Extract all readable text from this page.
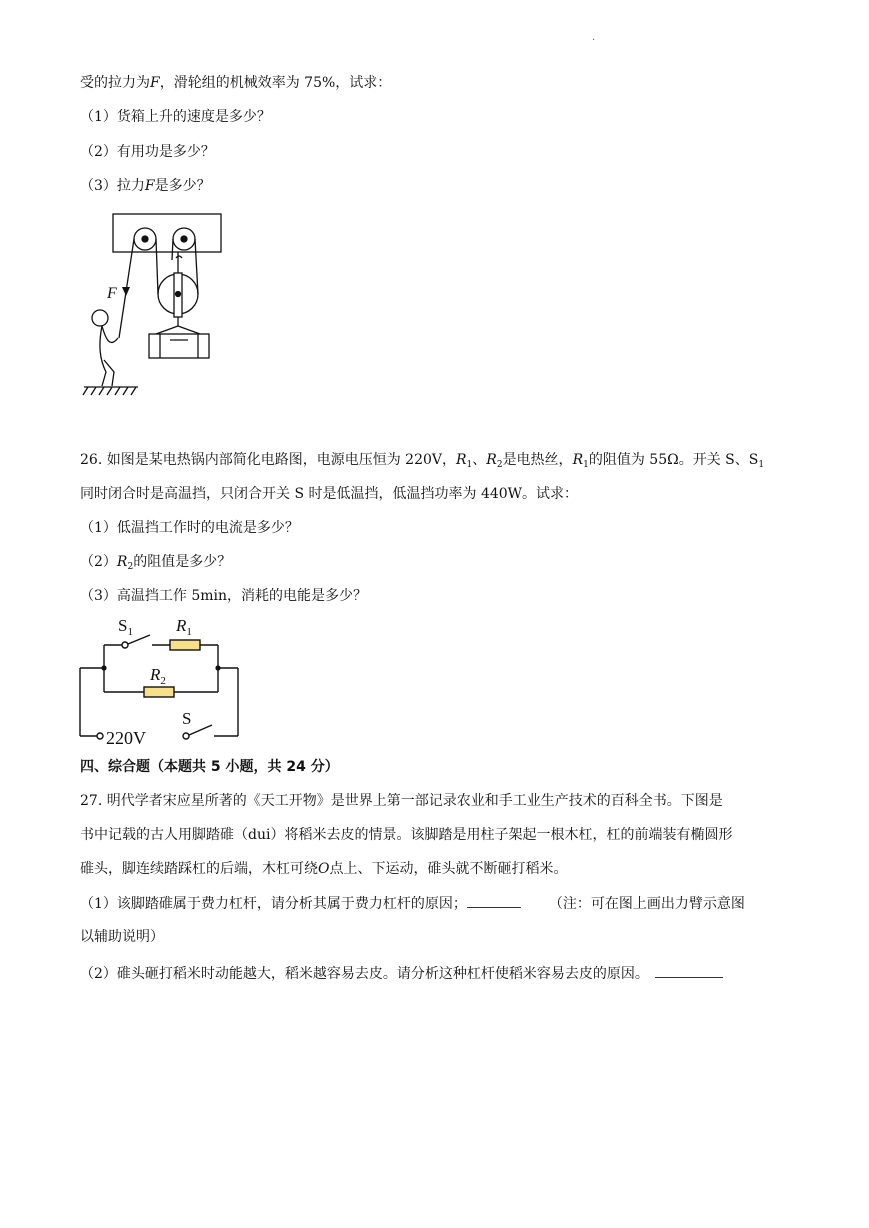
.
受的拉力为F，滑轮组的机械效率为 75%，试求：
（1）货箱上升的速度是多少？
（2）有用功是多少？
（3）拉力F是多少？
F
26. 如图是某电热锅内部简化电路图，电源电压恒为 220V，$R_1$、$R_2$是电热丝，$R_1$的阻值为 55Ω。开关 S、$S_1$
同时闭合时是高温挡，只闭合开关 S 时是低温挡，低温挡功率为 440W。试求：
（1）低温挡工作时的电流是多少？
$(2)R_2$的阻值是多少？
（3）高温挡工作 5min，消耗的电能是多少？
$S_1$	$R_1$
$R_2$
S
220V
四、综合题（本题共 5 小题，共 24 分）
27. 明代学者宋应星所著的《天工开物》是世界上第一部记录农业和手工业生产技术的百科全书。下图是
书中记载的古人用脚踏碓（dui）将稻米去皮的情景。该脚踏是用柱子架起一根木杠，杠的前端装有椭圆形
碓头，脚连续踏踩杠的后端，木杠可绕O点上、下运动，碓头就不断砸打稻米。
（1）该脚踏碓属于费力杠杆，请分析其属于费力杠杆的原因；	（注：可在图上画出力臂示意图
以辅助说明）
（2）碓头砸打稻米时动能越大，稻米越容易去皮。请分析这种杠杆使稻米容易去皮的原因。
